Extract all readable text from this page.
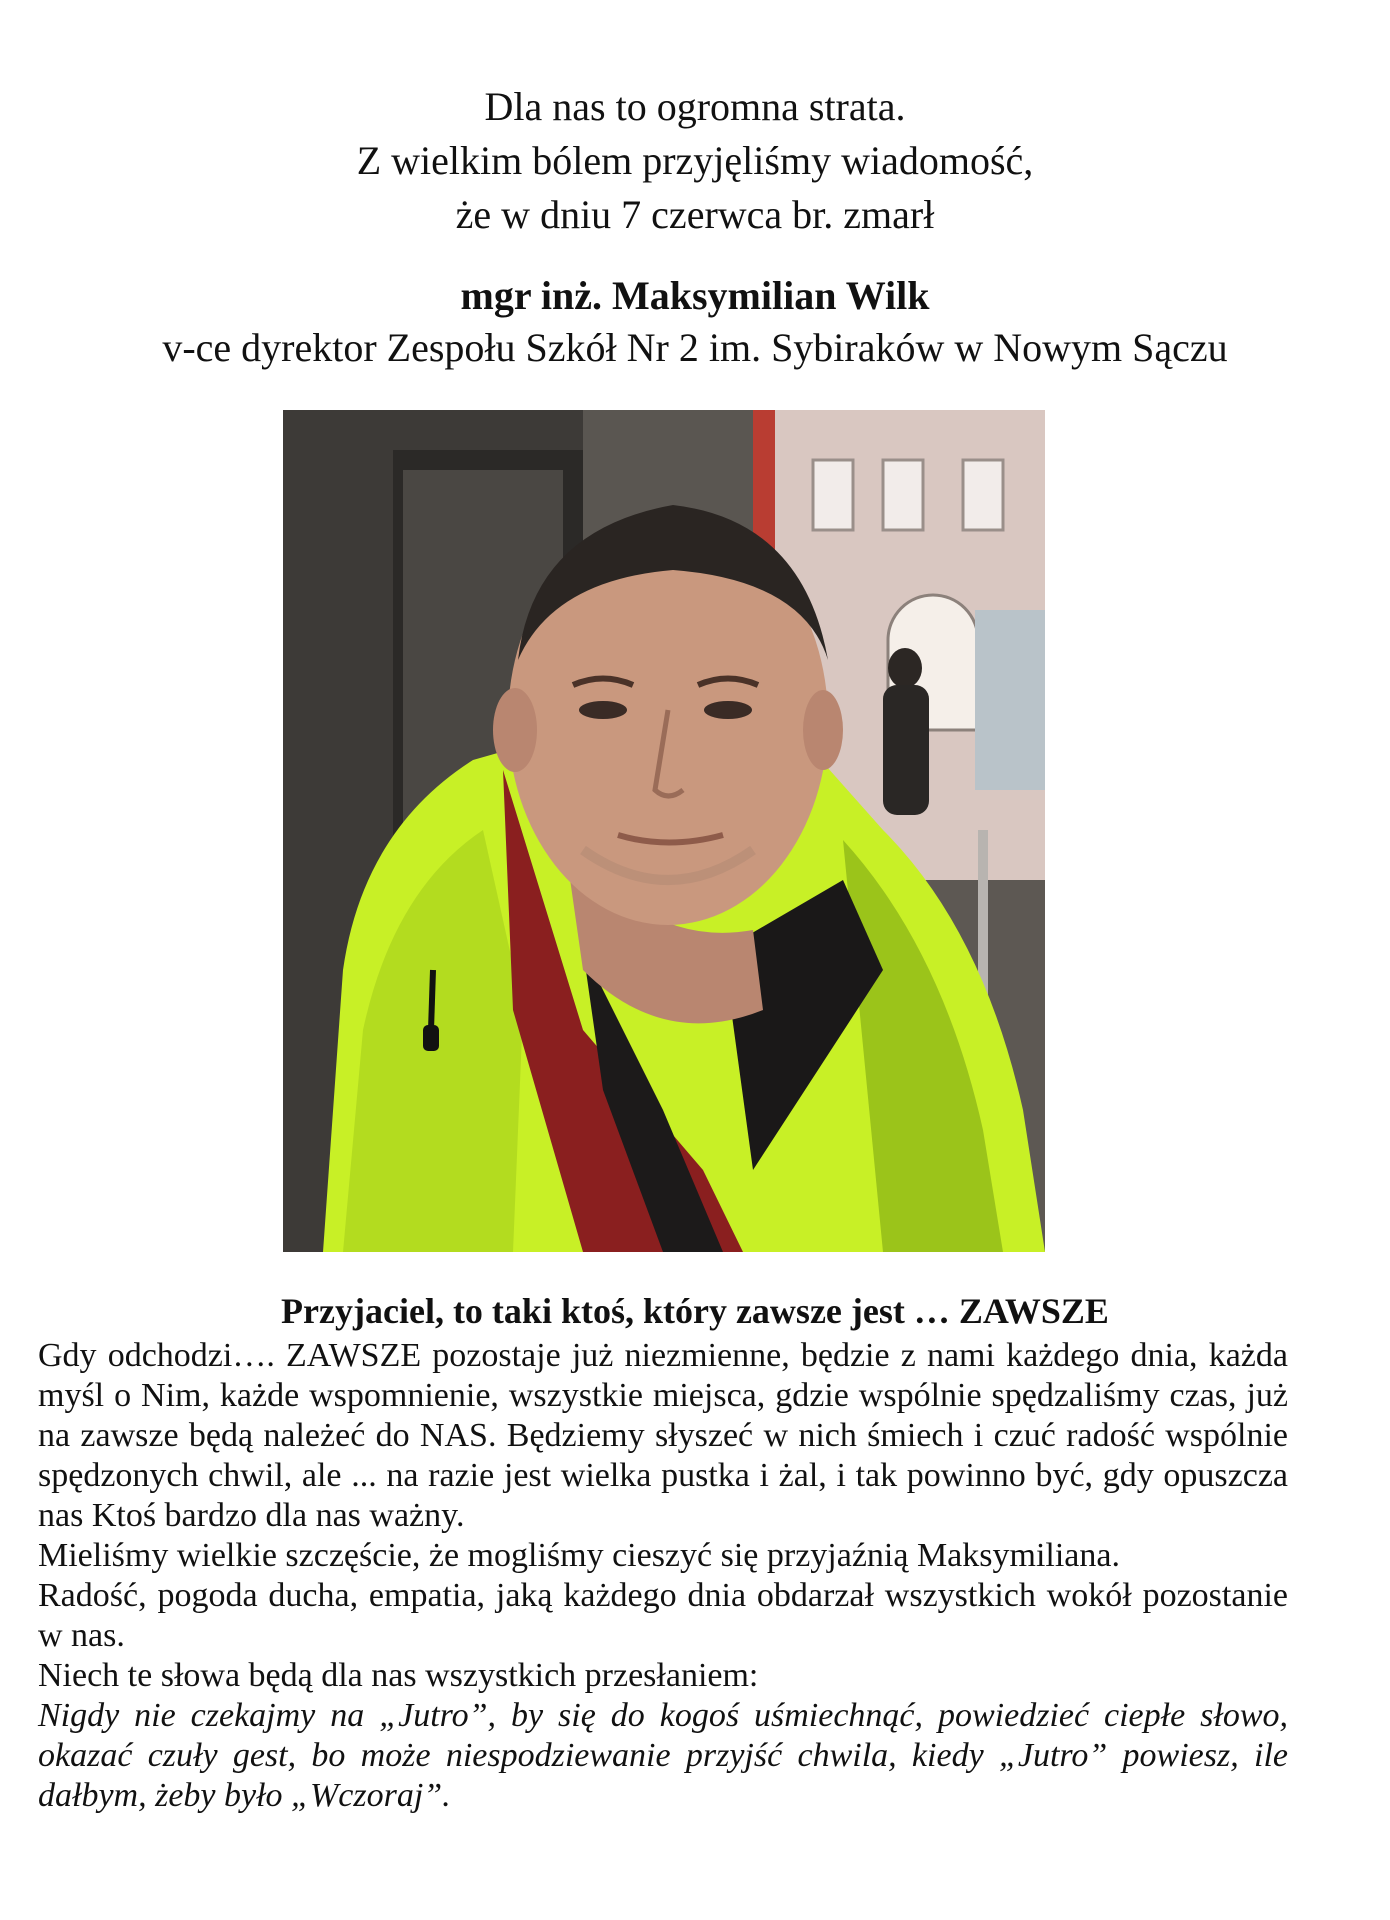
Dla nas to ogromna strata.
Z wielkim bólem przyjęliśmy wiadomość,
że w dniu 7 czerwca br. zmarł
mgr inż. Maksymilian Wilk
v-ce dyrektor Zespołu Szkół Nr 2 im. Sybiraków w Nowym Sączu
Przyjaciel, to taki ktoś, który zawsze jest … ZAWSZE

Gdy odchodzi…. ZAWSZE pozostaje już niezmienne, będzie z nami każdego dnia, każda myśl o Nim, każde wspomnienie, wszystkie miejsca, gdzie wspólnie spędzaliśmy czas, już na zawsze będą należeć do NAS. Będziemy słyszeć w nich śmiech i czuć radość wspólnie spędzonych chwil, ale ... na razie jest wielka pustka i żal, i tak powinno być, gdy opuszcza nas Ktoś bardzo dla nas ważny.

Mieliśmy wielkie szczęście, że mogliśmy cieszyć się przyjaźnią Maksymiliana.

Radość, pogoda ducha, empatia, jaką każdego dnia obdarzał wszystkich wokół pozostanie w nas.

Niech te słowa będą dla nas wszystkich przesłaniem:

Nigdy nie czekajmy na „Jutro”, by się do kogoś uśmiechnąć, powiedzieć ciepłe słowo, okazać czuły gest, bo może niespodziewanie przyjść chwila, kiedy „Jutro” powiesz, ile dałbym, żeby było „Wczoraj”.
